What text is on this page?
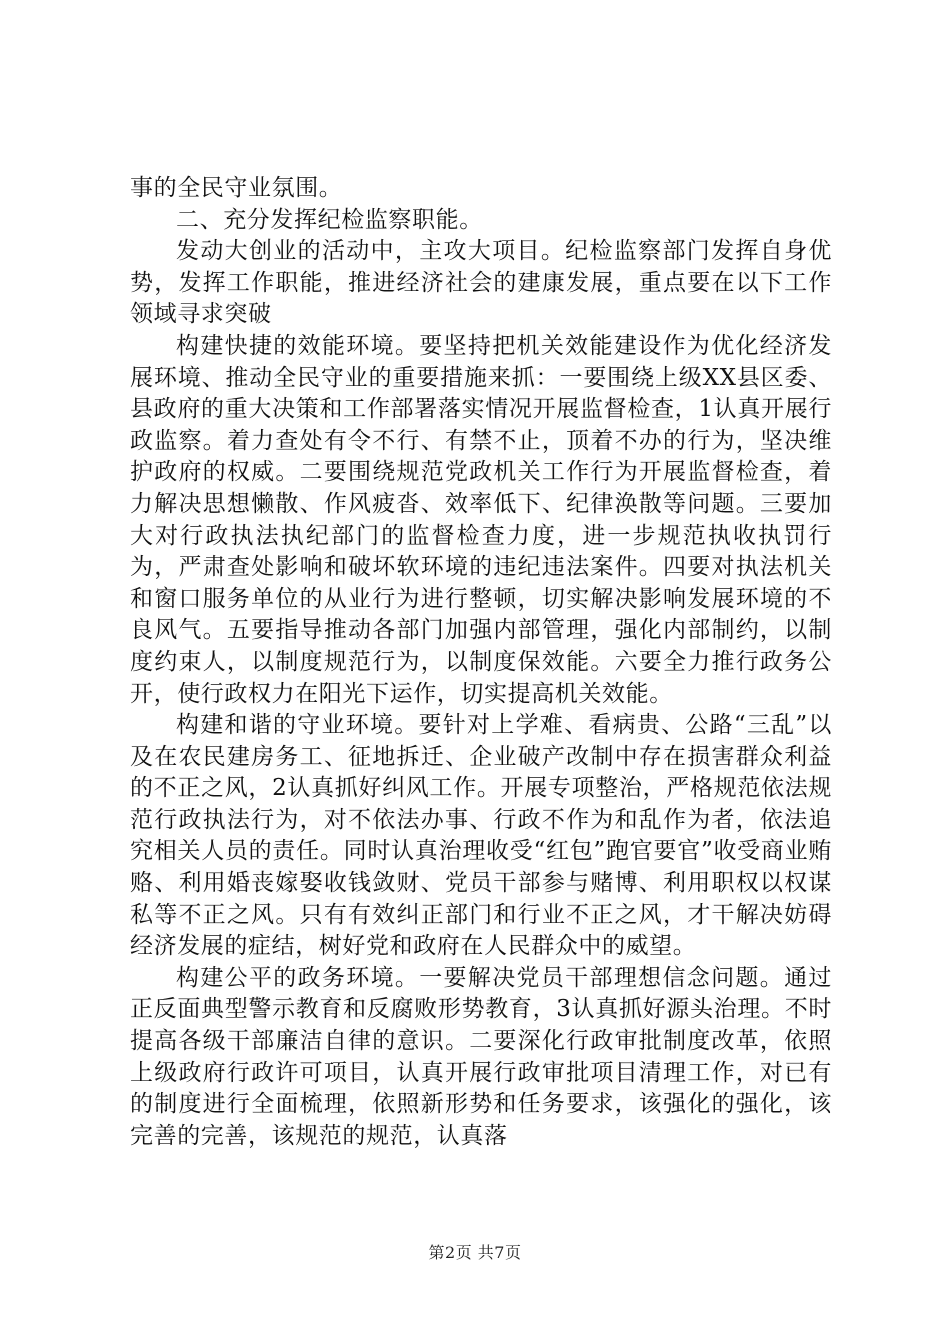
事的全民守业氛围。

二、充分发挥纪检监察职能。

发动大创业的活动中，主攻大项目。纪检监察部门发挥自身优势，发挥工作职能，推进经济社会的建康发展，重点要在以下工作领域寻求突破

构建快捷的效能环境。要坚持把机关效能建设作为优化经济发展环境、推动全民守业的重要措施来抓：一要围绕上级XX县区委、县政府的重大决策和工作部署落实情况开展监督检查，1认真开展行政监察。着力查处有令不行、有禁不止，顶着不办的行为，坚决维护政府的权威。二要围绕规范党政机关工作行为开展监督检查，着力解决思想懒散、作风疲沓、效率低下、纪律涣散等问题。三要加大对行政执法执纪部门的监督检查力度，进一步规范执收执罚行为，严肃查处影响和破坏软环境的违纪违法案件。四要对执法机关和窗口服务单位的从业行为进行整顿，切实解决影响发展环境的不良风气。五要指导推动各部门加强内部管理，强化内部制约，以制度约束人，以制度规范行为，以制度保效能。六要全力推行政务公开，使行政权力在阳光下运作，切实提高机关效能。

构建和谐的守业环境。要针对上学难、看病贵、公路“三乱”以及在农民建房务工、征地拆迁、企业破产改制中存在损害群众利益的不正之风，2认真抓好纠风工作。开展专项整治，严格规范依法规范行政执法行为，对不依法办事、行政不作为和乱作为者，依法追究相关人员的责任。同时认真治理收受“红包”跑官要官”收受商业贿赂、利用婚丧嫁娶收钱敛财、党员干部参与赌博、利用职权以权谋私等不正之风。只有有效纠正部门和行业不正之风，才干解决妨碍经济发展的症结，树好党和政府在人民群众中的威望。

构建公平的政务环境。一要解决党员干部理想信念问题。通过正反面典型警示教育和反腐败形势教育，3认真抓好源头治理。不时提高各级干部廉洁自律的意识。二要深化行政审批制度改革，依照上级政府行政许可项目，认真开展行政审批项目清理工作，对已有的制度进行全面梳理，依照新形势和任务要求，该强化的强化，该完善的完善，该规范的规范，认真落

第2页 共7页
